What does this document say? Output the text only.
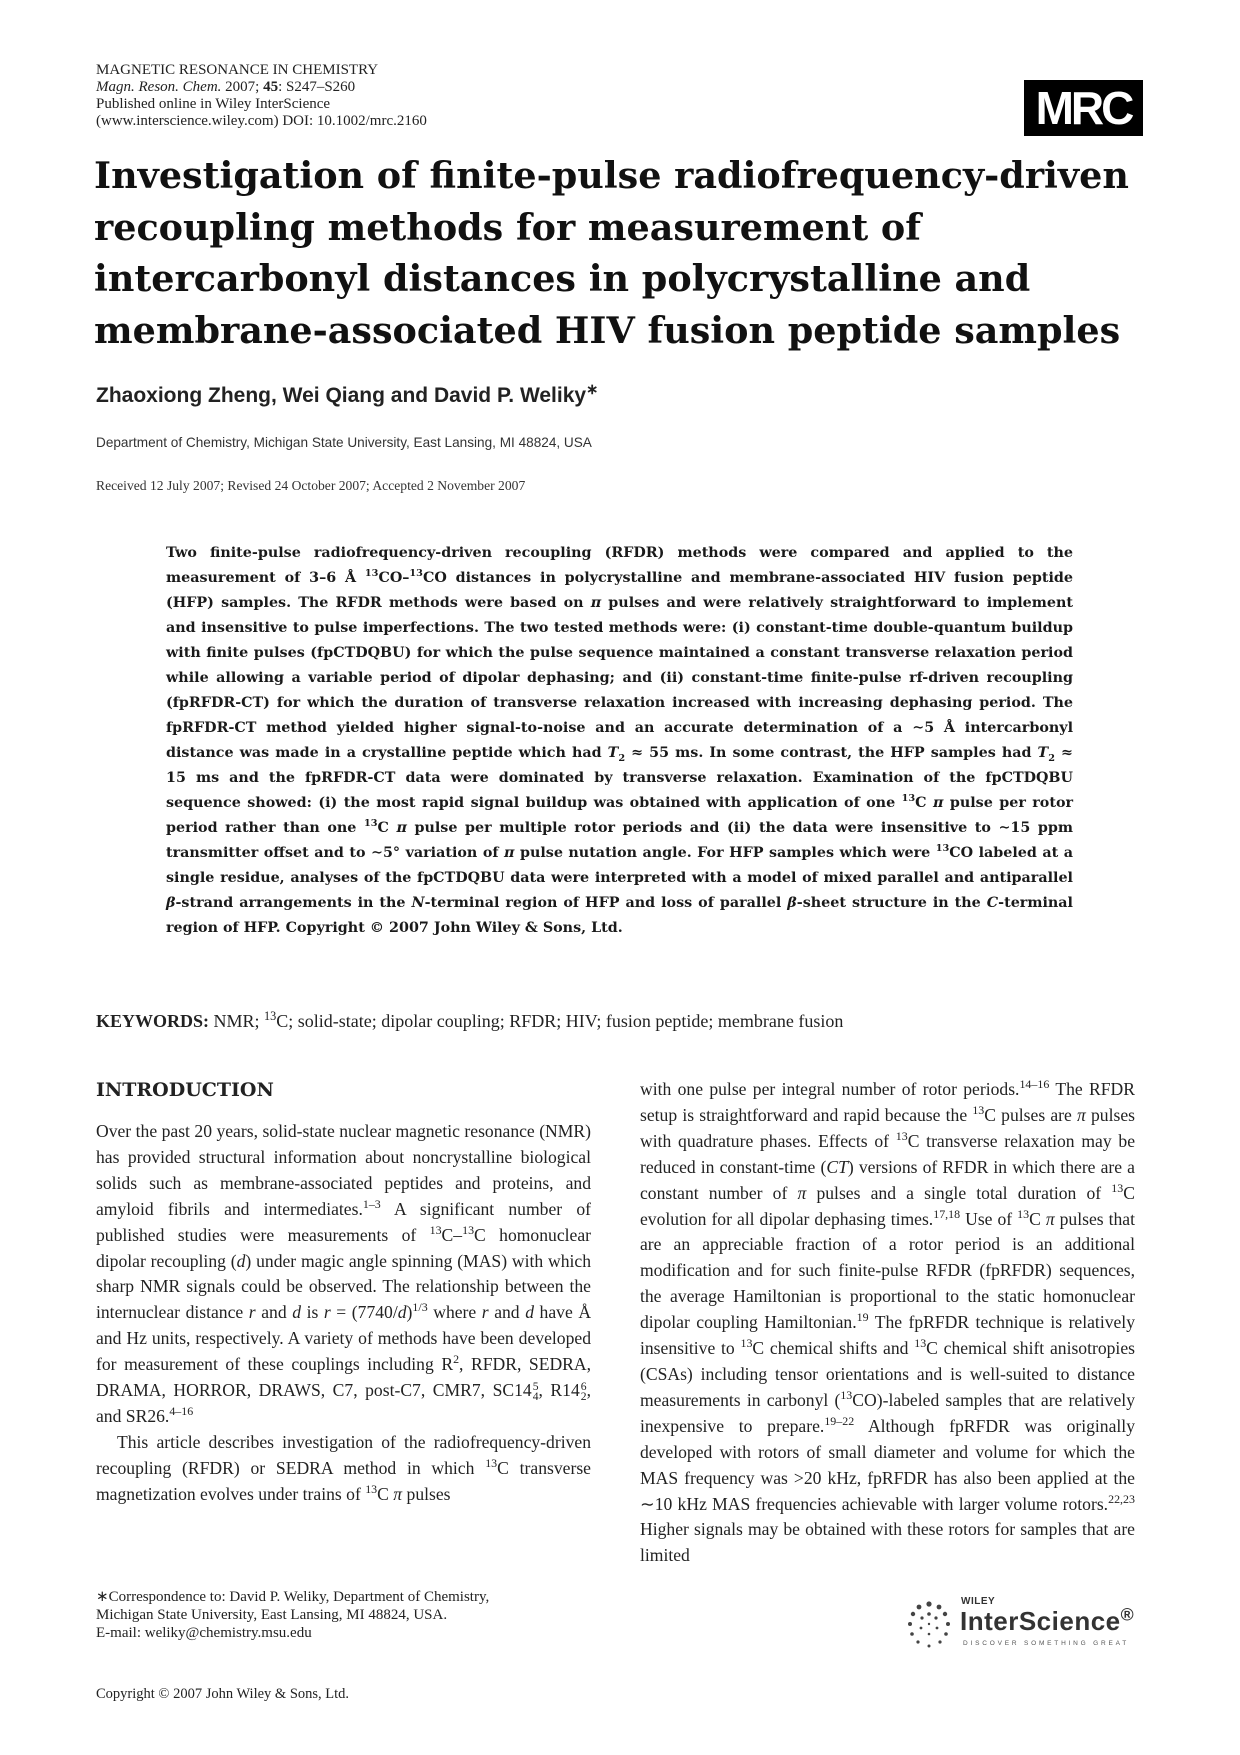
MAGNETIC RESONANCE IN CHEMISTRY
Magn. Reson. Chem. 2007; 45: S247–S260
Published online in Wiley InterScience
(www.interscience.wiley.com) DOI: 10.1002/mrc.2160	MRC
Investigation of finite-pulse radiofrequency-driven recoupling methods for measurement of intercarbonyl distances in polycrystalline and membrane-associated HIV fusion peptide samples
Zhaoxiong Zheng, Wei Qiang and David P. Weliky∗
Department of Chemistry, Michigan State University, East Lansing, MI 48824, USA
Received 12 July 2007; Revised 24 October 2007; Accepted 2 November 2007
Two finite-pulse radiofrequency-driven recoupling (RFDR) methods were compared and applied to the measurement of 3–6 Å $^{13}$CO–$^{13}$CO distances in polycrystalline and membrane-associated HIV fusion peptide (HFP) samples. The RFDR methods were based on π pulses and were relatively straightforward to implement and insensitive to pulse imperfections. The two tested methods were: (i) constant-time double-quantum buildup with finite pulses (fpCTDQBU) for which the pulse sequence maintained a constant transverse relaxation period while allowing a variable period of dipolar dephasing; and (ii) constant-time finite-pulse rf-driven recoupling (fpRFDR-CT) for which the duration of transverse relaxation increased with increasing dephasing period. The fpRFDR-CT method yielded higher signal-to-noise and an accurate determination of a ∼5 Å intercarbonyl distance was made in a crystalline peptide which had $T_2 \approx 55$ ms. In some contrast, the HFP samples had $T_2 \approx 15$ ms and the fpRFDR-CT data were dominated by transverse relaxation. Examination of the fpCTDQBU sequence showed: (i) the most rapid signal buildup was obtained with application of one $^{13}$C π pulse per rotor period rather than one $^{13}$C π pulse per multiple rotor periods and (ii) the data were insensitive to ∼15 ppm transmitter offset and to ∼5° variation of π pulse nutation angle. For HFP samples which were $^{13}$CO labeled at a single residue, analyses of the fpCTDQBU data were interpreted with a model of mixed parallel and antiparallel β-strand arrangements in the N-terminal region of HFP and loss of parallel β-sheet structure in the C-terminal region of HFP. Copyright © 2007 John Wiley & Sons, Ltd.
KEYWORDS: NMR; $^{13}$C; solid-state; dipolar coupling; RFDR; HIV; fusion peptide; membrane fusion
INTRODUCTION

Over the past 20 years, solid-state nuclear magnetic resonance (NMR) has provided structural information about noncrystalline biological solids such as membrane-associated peptides and proteins, and amyloid fibrils and intermediates.$^{1-3}$ A significant number of published studies were measurements of $^{13}$C–$^{13}$C homonuclear dipolar recoupling (d) under magic angle spinning (MAS) with which sharp NMR signals could be observed. The relationship between the internuclear distance r and d is $r = (7740/d)^{1/3}$ where r and d have Å and Hz units, respectively. A variety of methods have been developed for measurement of these couplings including $R^2$, RFDR, SEDRA, DRAMA, HORROR, DRAWS, C7, post-C7, CMR7, SC14 5
4 , R14 6
2 , and SR26.$^{4-16}$

This article describes investigation of the radiofrequency-driven recoupling (RFDR) or SEDRA method in which $^{13}$C transverse magnetization evolves under trains of $^{13}$C π pulses

with one pulse per integral number of rotor periods.$^{14-16}$ The RFDR setup is straightforward and rapid because the $^{13}$C pulses are π pulses with quadrature phases. Effects of $^{13}$C transverse relaxation may be reduced in constant-time (CT) versions of RFDR in which there are a constant number of π pulses and a single total duration of $^{13}$C evolution for all dipolar dephasing times.$^{17,18}$ Use of $^{13}$C π pulses that are an appreciable fraction of a rotor period is an additional modification and for such finite-pulse RFDR (fpRFDR) sequences, the average Hamiltonian is proportional to the static homonuclear dipolar coupling Hamiltonian.$^{19}$ The fpRFDR technique is relatively insensitive to $^{13}$C chemical shifts and $^{13}$C chemical shift anisotropies (CSAs) including tensor orientations and is well-suited to distance measurements in carbonyl ($^{13}$CO)-labeled samples that are relatively inexpensive to prepare.$^{19-22}$ Although fpRFDR was originally developed with rotors of small diameter and volume for which the MAS frequency was >20 kHz, fpRFDR has also been applied at the ∼10 kHz MAS frequencies achievable with larger volume rotors.$^{22,23}$ Higher signals may be obtained with these rotors for samples that are limited

∗Correspondence to: David P. Weliky, Department of Chemistry,
Michigan State University, East Lansing, MI 48824, USA.
E-mail: weliky@chemistry.msu.edu
Copyright © 2007 John Wiley & Sons, Ltd.
WILEY
InterScience®
DISCOVER SOMETHING GREAT
